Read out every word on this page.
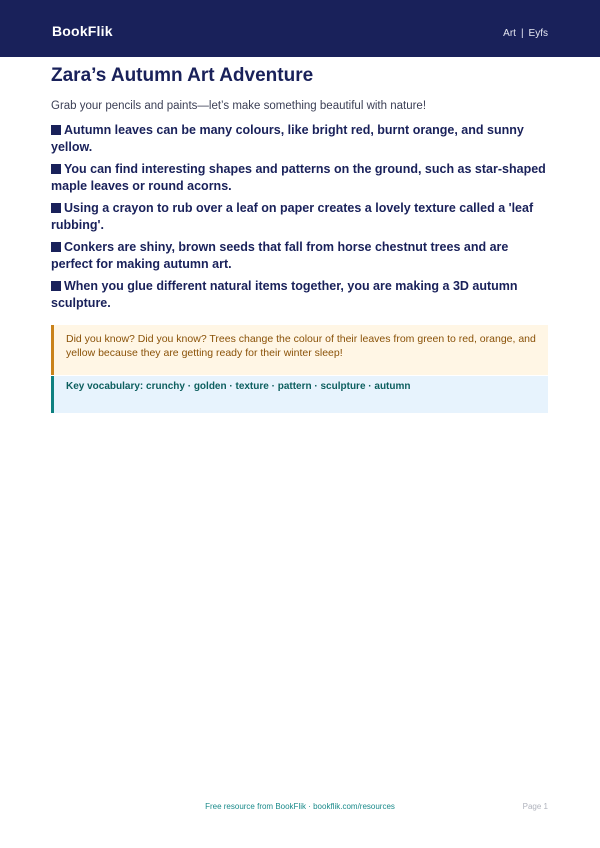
BookFlik	Art | Eyfs
Zara’s Autumn Art Adventure

Grab your pencils and paints—let’s make something beautiful with nature!

Autumn leaves can be many colours, like bright red, burnt orange, and sunny yellow.
You can find interesting shapes and patterns on the ground, such as star-shaped maple leaves or round acorns.
Using a crayon to rub over a leaf on paper creates a lovely texture called a 'leaf rubbing'.
Conkers are shiny, brown seeds that fall from horse chestnut trees and are perfect for making autumn art.
When you glue different natural items together, you are making a 3D autumn sculpture.
Did you know? Did you know? Trees change the colour of their leaves from green to red, orange, and yellow because they are getting ready for their winter sleep!
Key vocabulary: crunchy · golden · texture · pattern · sculpture · autumn
Free resource from BookFlik · bookflik.com/resources	Page 1
